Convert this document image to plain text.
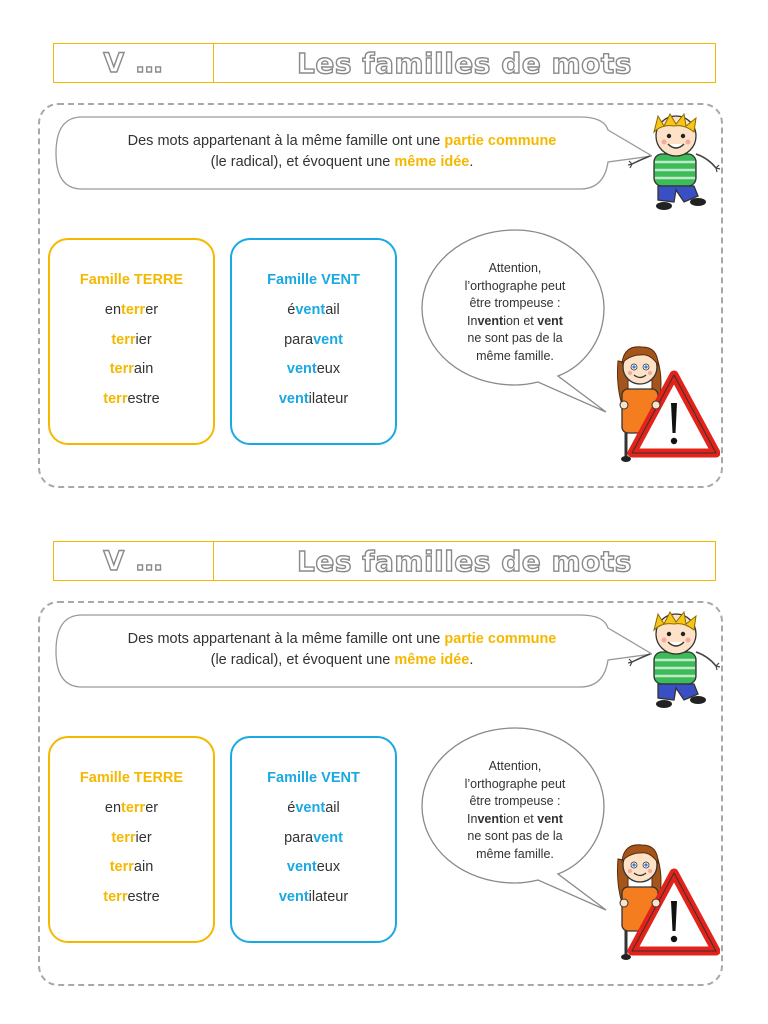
V …	Les familles de mots
Des mots appartenant à la même famille ont une partie commune
(le radical), et évoquent une même idée.
Famille TERRE
enterrer
terrier
terrain
terrestre
Famille VENT
éventail
paravent
venteux
ventilateur
Attention,
l’orthographe peut
être trompeuse :
Invention et vent
ne sont pas de la
même famille.
V …	Les familles de mots
Des mots appartenant à la même famille ont une partie commune
(le radical), et évoquent une même idée.
Famille TERRE
enterrer
terrier
terrain
terrestre
Famille VENT
éventail
paravent
venteux
ventilateur
Attention,
l’orthographe peut
être trompeuse :
Invention et vent
ne sont pas de la
même famille.
